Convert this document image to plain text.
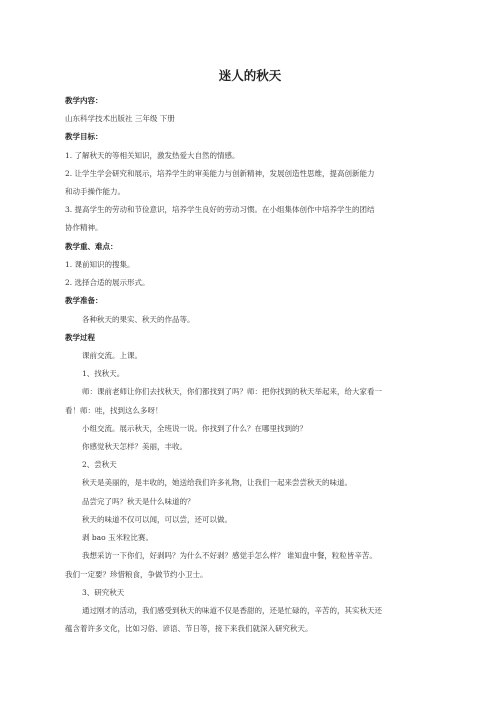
迷人的秋天
教学内容：
山东科学技术出版社 三年级 下册
教学目标：
1. 了解秋天的等相关知识，激发热爱大自然的情感。
2. 让学生学会研究和展示，培养学生的审美能力与创新精神，发展创造性思维，提高创新能力
和动手操作能力。
3. 提高学生的劳动和节俭意识，培养学生良好的劳动习惯。在小组集体创作中培养学生的团结
协作精神。
教学重、难点：
1. 课前知识的搜集。
2. 选择合适的展示形式。
教学准备：
各种秋天的果实、秋天的作品等。
教学过程
课前交流。上课。
1、找秋天。
师：课前老师让你们去找秋天，你们都找到了吗？师：把你找到的秋天举起来，给大家看一
看！师：哇，找到这么多呀！
小组交流。展示秋天，全班说一说。你找到了什么？在哪里找到的？
你感觉秋天怎样？美丽，丰收。
2、尝秋天
秋天是美丽的，是丰收的，她送给我们许多礼物，让我们一起来尝尝秋天的味道。
品尝完了吗？秋天是什么味道的？
秋天的味道不仅可以闻，可以尝，还可以做。
剥 bao 玉米粒比赛。
我想采访一下你们，好剥吗？为什么不好剥？感觉手怎么样？ 谁知盘中餐，粒粒皆辛苦。
我们一定要？珍惜粮食，争做节约小卫士。
3、研究秋天
通过刚才的活动，我们感受到秋天的味道不仅是香甜的，还是忙碌的，辛苦的，其实秋天还
蕴含着许多文化，比如习俗、谚语、节日等，接下来我们就深入研究秋天。
